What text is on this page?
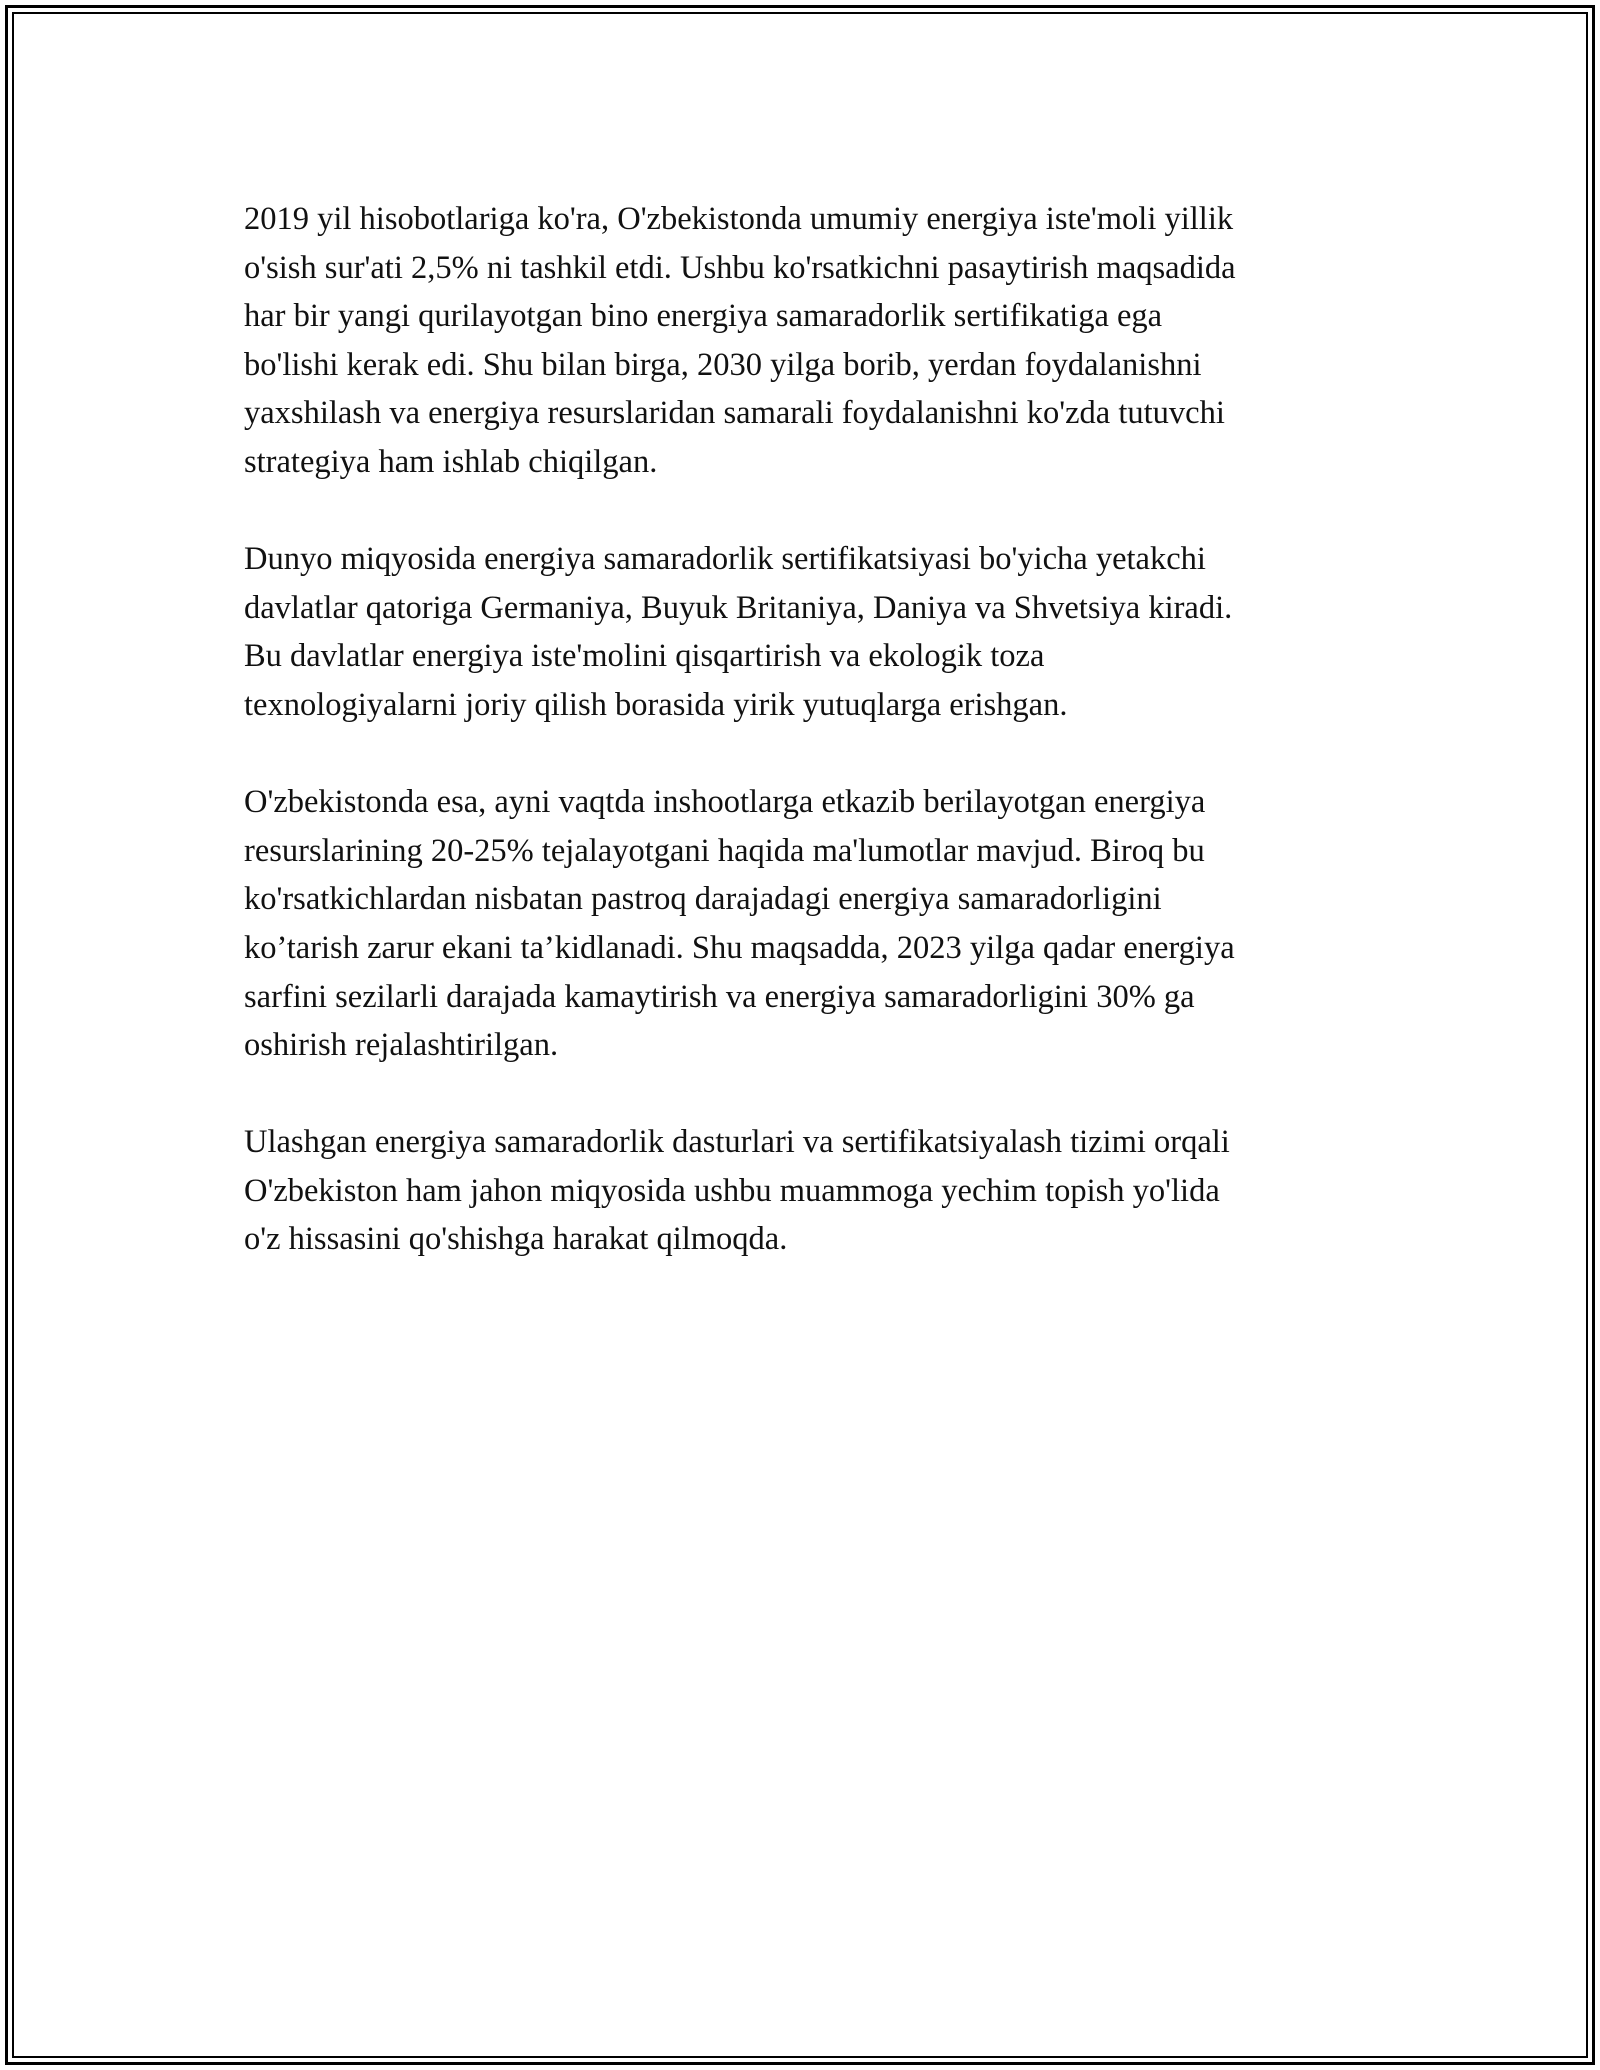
2019 yil hisobotlariga ko'ra, O'zbekistonda umumiy energiya iste'moli yillik
o'sish sur'ati 2,5% ni tashkil etdi. Ushbu ko'rsatkichni pasaytirish maqsadida
har bir yangi qurilayotgan bino energiya samaradorlik sertifikatiga ega
bo'lishi kerak edi. Shu bilan birga, 2030 yilga borib, yerdan foydalanishni
yaxshilash va energiya resurslaridan samarali foydalanishni ko'zda tutuvchi
strategiya ham ishlab chiqilgan.

Dunyo miqyosida energiya samaradorlik sertifikatsiyasi bo'yicha yetakchi
davlatlar qatoriga Germaniya, Buyuk Britaniya, Daniya va Shvetsiya kiradi.
Bu davlatlar energiya iste'molini qisqartirish va ekologik toza
texnologiyalarni joriy qilish borasida yirik yutuqlarga erishgan.

O'zbekistonda esa, ayni vaqtda inshootlarga etkazib berilayotgan energiya
resurslarining 20-25% tejalayotgani haqida ma'lumotlar mavjud. Biroq bu
ko'rsatkichlardan nisbatan pastroq darajadagi energiya samaradorligini
ko’tarish zarur ekani ta’kidlanadi. Shu maqsadda, 2023 yilga qadar energiya
sarfini sezilarli darajada kamaytirish va energiya samaradorligini 30% ga
oshirish rejalashtirilgan.

Ulashgan energiya samaradorlik dasturlari va sertifikatsiyalash tizimi orqali
O'zbekiston ham jahon miqyosida ushbu muammoga yechim topish yo'lida
o'z hissasini qo'shishga harakat qilmoqda.
